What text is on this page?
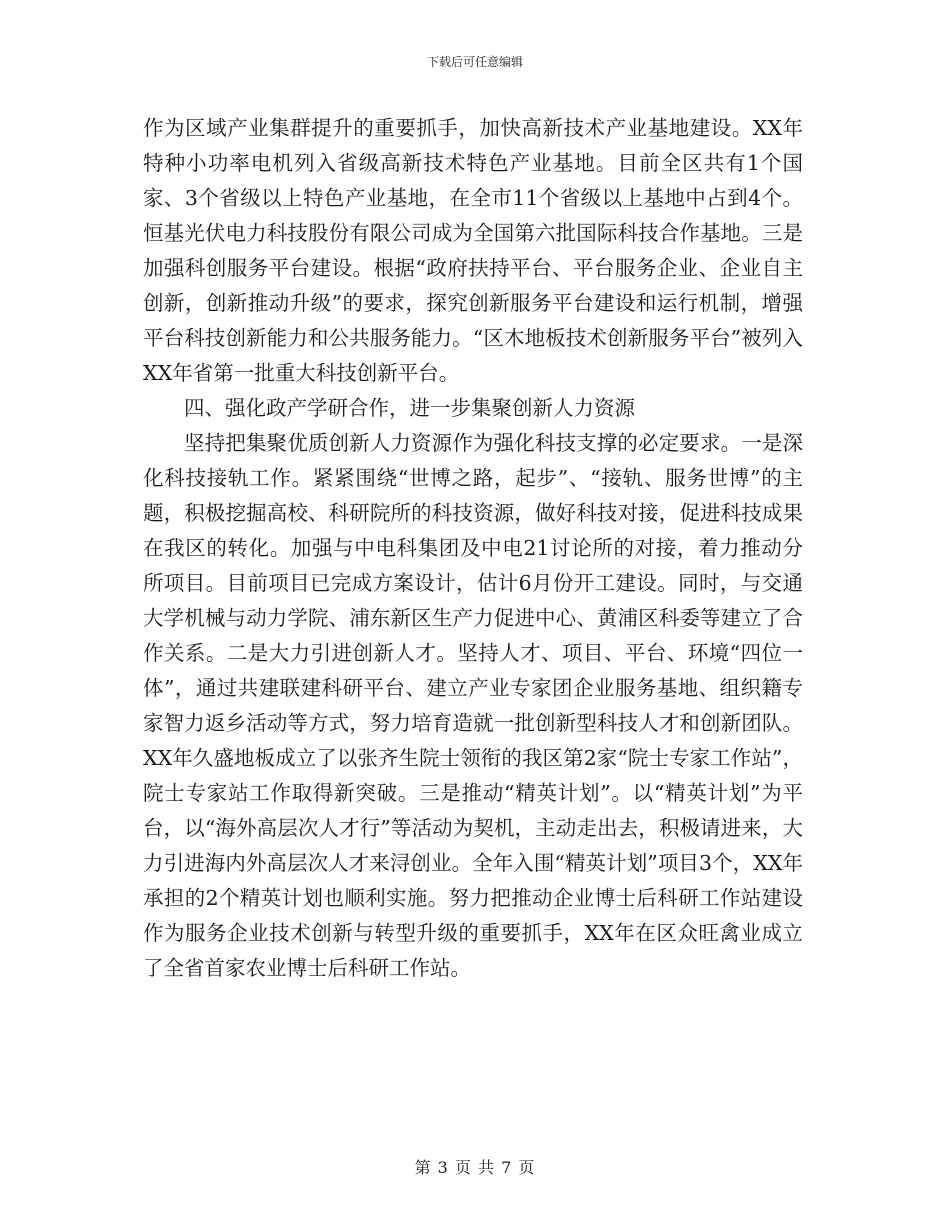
下载后可任意编辑

作为区域产业集群提升的重要抓手，加快高新技术产业基地建设。XX年特种小功率电机列入省级高新技术特色产业基地。目前全区共有1个国家、3个省级以上特色产业基地，在全市11个省级以上基地中占到4个。恒基光伏电力科技股份有限公司成为全国第六批国际科技合作基地。三是加强科创服务平台建设。根据“政府扶持平台、平台服务企业、企业自主创新，创新推动升级”的要求，探究创新服务平台建设和运行机制，增强平台科技创新能力和公共服务能力。“区木地板技术创新服务平台”被列入XX年省第一批重大科技创新平台。

四、强化政产学研合作，进一步集聚创新人力资源

坚持把集聚优质创新人力资源作为强化科技支撑的必定要求。一是深化科技接轨工作。紧紧围绕“世博之路，起步”、“接轨、服务世博”的主题，积极挖掘高校、科研院所的科技资源，做好科技对接，促进科技成果在我区的转化。加强与中电科集团及中电21讨论所的对接，着力推动分所项目。目前项目已完成方案设计，估计6月份开工建设。同时，与交通大学机械与动力学院、浦东新区生产力促进中心、黄浦区科委等建立了合作关系。二是大力引进创新人才。坚持人才、项目、平台、环境“四位一体”，通过共建联建科研平台、建立产业专家团企业服务基地、组织籍专家智力返乡活动等方式，努力培育造就一批创新型科技人才和创新团队。XX年久盛地板成立了以张齐生院士领衔的我区第2家“院士专家工作站”，院士专家站工作取得新突破。三是推动“精英计划”。以“精英计划”为平台，以“海外高层次人才行”等活动为契机，主动走出去，积极请进来，大力引进海内外高层次人才来浔创业。全年入围“精英计划”项目3个，XX年承担的2个精英计划也顺利实施。努力把推动企业博士后科研工作站建设作为服务企业技术创新与转型升级的重要抓手，XX年在区众旺禽业成立了全省首家农业博士后科研工作站。

第 3 页 共 7 页
